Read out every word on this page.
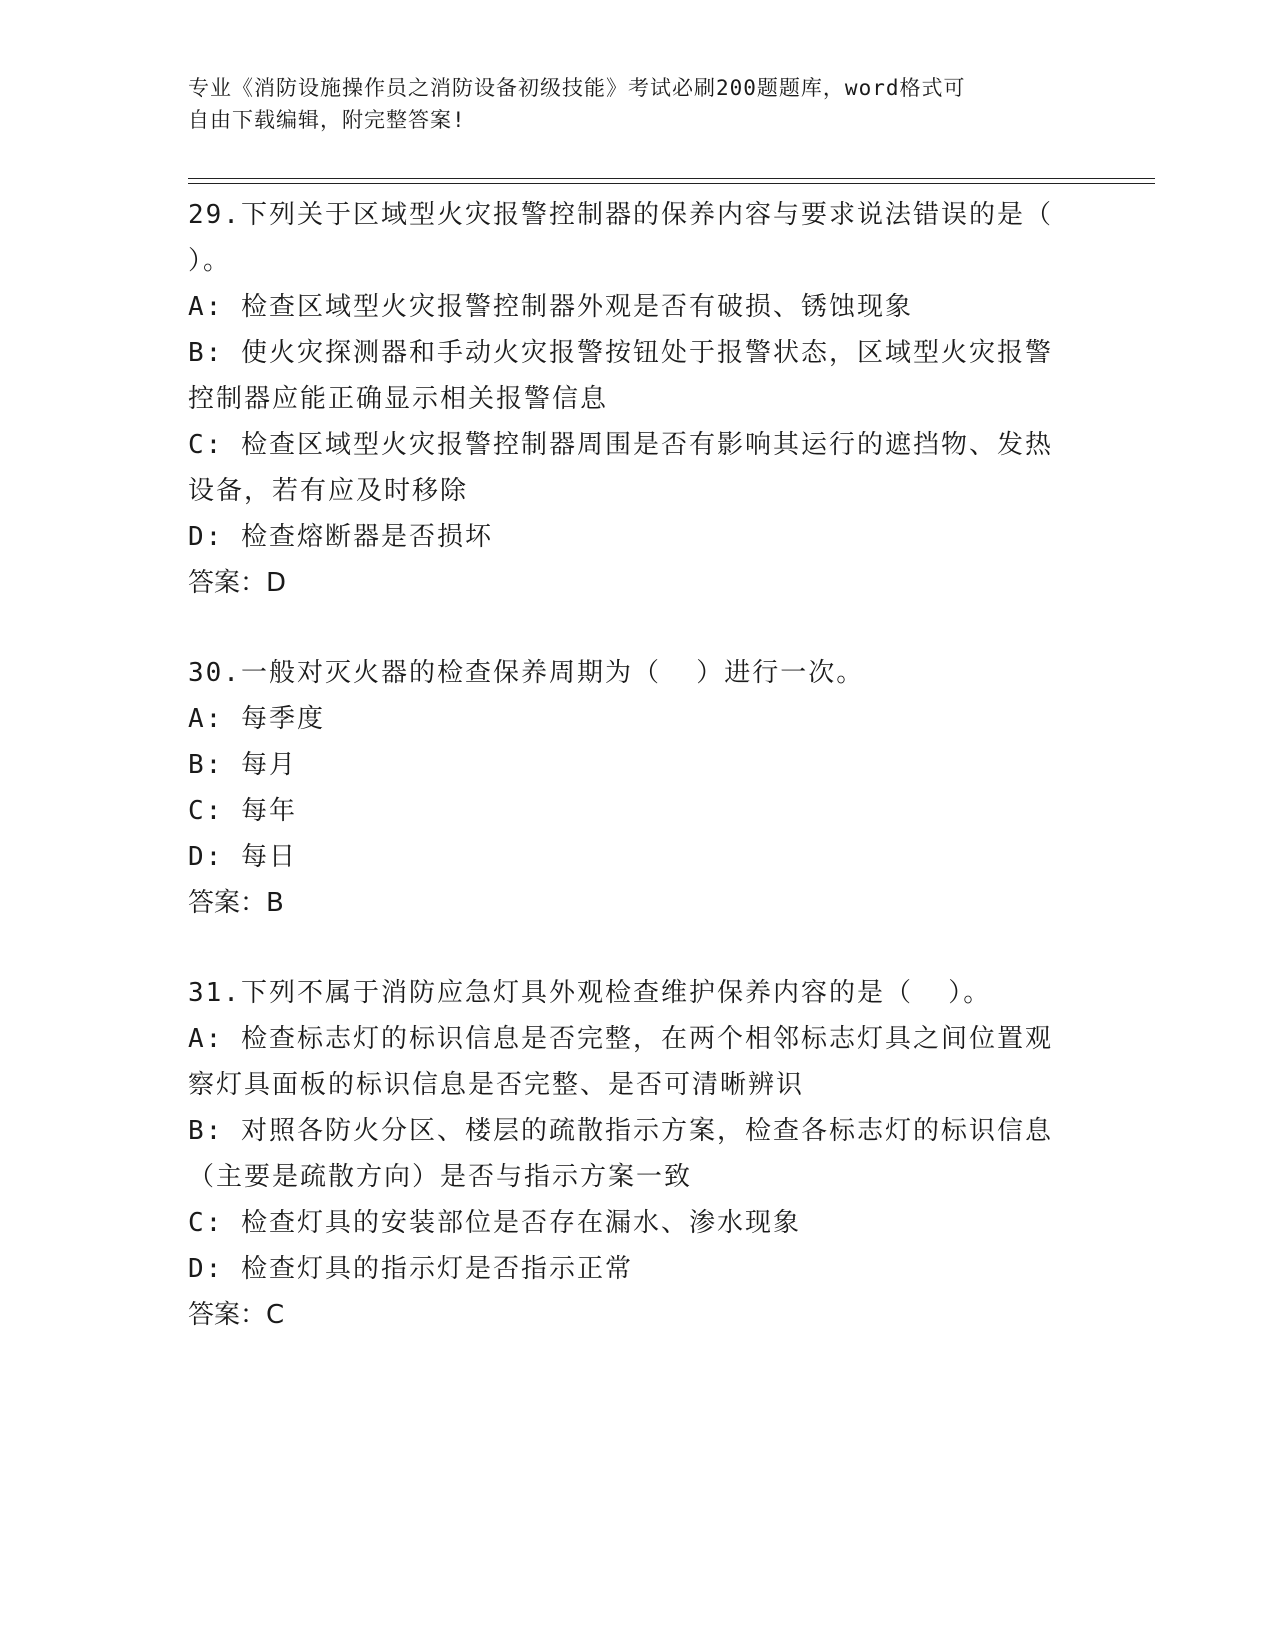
专业《消防设施操作员之消防设备初级技能》考试必刷200题题库，word格式可
自由下载编辑，附完整答案!
29.下列关于区域型火灾报警控制器的保养内容与要求说法错误的是（
）。
A: 检查区域型火灾报警控制器外观是否有破损、锈蚀现象
B: 使火灾探测器和手动火灾报警按钮处于报警状态，区域型火灾报警
控制器应能正确显示相关报警信息
C: 检查区域型火灾报警控制器周围是否有影响其运行的遮挡物、发热
设备，若有应及时移除
D: 检查熔断器是否损坏
答案：D
30.一般对灭火器的检查保养周期为（  ）进行一次。
A: 每季度
B: 每月
C: 每年
D: 每日
答案：B
31.下列不属于消防应急灯具外观检查维护保养内容的是（  ）。
A: 检查标志灯的标识信息是否完整，在两个相邻标志灯具之间位置观
察灯具面板的标识信息是否完整、是否可清晰辨识
B: 对照各防火分区、楼层的疏散指示方案，检查各标志灯的标识信息
（主要是疏散方向）是否与指示方案一致
C: 检查灯具的安装部位是否存在漏水、渗水现象
D: 检查灯具的指示灯是否指示正常
答案：C
